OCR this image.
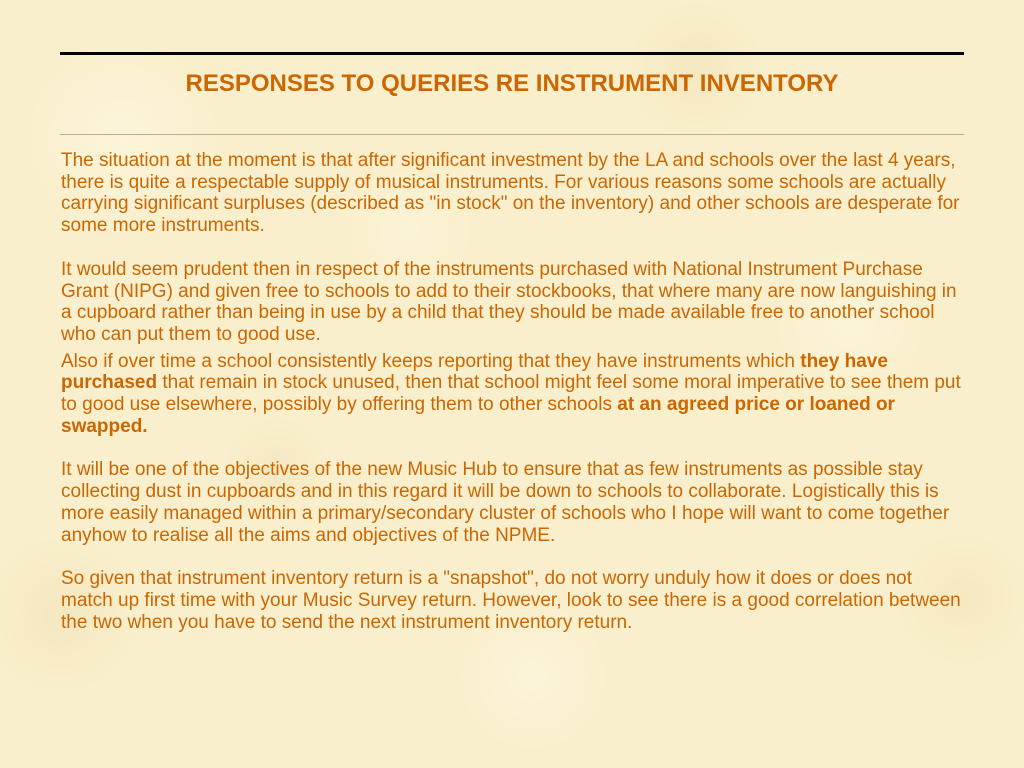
RESPONSES TO QUERIES RE INSTRUMENT INVENTORY

The situation at the moment is that after significant investment by the LA and schools over the last 4 years, there is quite a respectable supply of musical instruments. For various reasons some schools are actually carrying significant surpluses (described as "in stock" on the inventory) and other schools are desperate for some more instruments.

It would seem prudent then in respect of the instruments purchased with National Instrument Purchase Grant (NIPG) and given free to schools to add to their stockbooks, that where many are now languishing in a cupboard rather than being in use by a child that they should be made available free to another school who can put them to good use.

Also if over time a school consistently keeps reporting that they have instruments which they have purchased that remain in stock unused, then that school might feel some moral imperative to see them put to good use elsewhere, possibly by offering them to other schools at an agreed price or loaned or swapped.

It will be one of the objectives of the new Music Hub to ensure that as few instruments as possible stay collecting dust in cupboards and in this regard it will be down to schools to collaborate. Logistically this is more easily managed within a primary/secondary cluster of schools who I hope will want to come together anyhow to realise all the aims and objectives of the NPME.

So given that instrument inventory return is a "snapshot", do not worry unduly how it does or does not match up first time with your Music Survey return. However, look to see there is a good correlation between the two when you have to send the next instrument inventory return.
